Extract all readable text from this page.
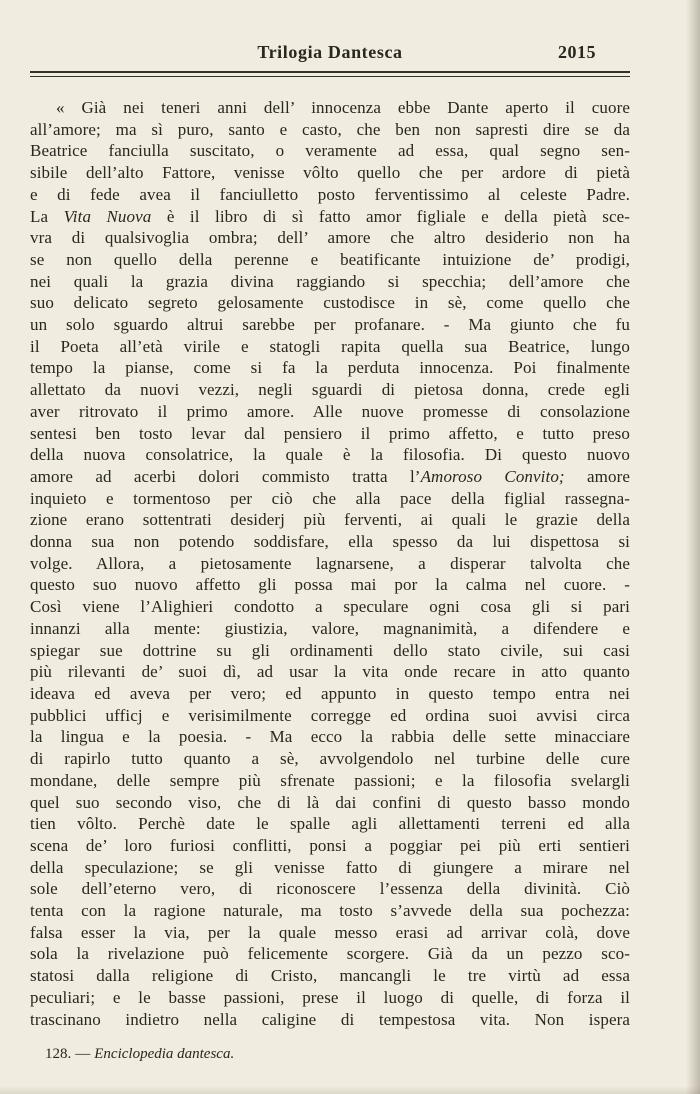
Trilogia Dantesca	2015
« Già nei teneri anni dell’ innocenza ebbe Dante aperto il cuore
all’amore; ma sì puro, santo e casto, che ben non sapresti dire se da
Beatrice fanciulla suscitato, o veramente ad essa, qual segno sen-
sibile dell’alto Fattore, venisse vôlto quello che per ardore di pietà
e di fede avea il fanciulletto posto ferventissimo al celeste Padre.
La Vita Nuova è il libro di sì fatto amor figliale e della pietà sce-
vra di qualsivoglia ombra; dell’ amore che altro desiderio non ha
se non quello della perenne e beatificante intuizione de’ prodigi,
nei quali la grazia divina raggiando si specchia; dell’amore che
suo delicato segreto gelosamente custodisce in sè, come quello che
un solo sguardo altrui sarebbe per profanare. - Ma giunto che fu
il Poeta all’età virile e statogli rapita quella sua Beatrice, lungo
tempo la pianse, come si fa la perduta innocenza. Poi finalmente
allettato da nuovi vezzi, negli sguardi di pietosa donna, crede egli
aver ritrovato il primo amore. Alle nuove promesse di consolazione
sentesi ben tosto levar dal pensiero il primo affetto, e tutto preso
della nuova consolatrice, la quale è la filosofia. Di questo nuovo
amore ad acerbi dolori commisto tratta l’Amoroso Convito; amore
inquieto e tormentoso per ciò che alla pace della figlial rassegna-
zione erano sottentrati desiderj più ferventi, ai quali le grazie della
donna sua non potendo soddisfare, ella spesso da lui dispettosa si
volge. Allora, a pietosamente lagnarsene, a disperar talvolta che
questo suo nuovo affetto gli possa mai por la calma nel cuore. -
Così viene l’Alighieri condotto a speculare ogni cosa gli si pari
innanzi alla mente: giustizia, valore, magnanimità, a difendere e
spiegar sue dottrine su gli ordinamenti dello stato civile, sui casi
più rilevanti de’ suoi dì, ad usar la vita onde recare in atto quanto
ideava ed aveva per vero; ed appunto in questo tempo entra nei
pubblici ufficj e verisimilmente corregge ed ordina suoi avvisi circa
la lingua e la poesia. - Ma ecco la rabbia delle sette minacciare
di rapirlo tutto quanto a sè, avvolgendolo nel turbine delle cure
mondane, delle sempre più sfrenate passioni; e la filosofia svelargli
quel suo secondo viso, che di là dai confini di questo basso mondo
tien vôlto. Perchè date le spalle agli allettamenti terreni ed alla
scena de’ loro furiosi conflitti, ponsi a poggiar pei più erti sentieri
della speculazione; se gli venisse fatto di giungere a mirare nel
sole dell’eterno vero, di riconoscere l’essenza della divinità. Ciò
tenta con la ragione naturale, ma tosto s’avvede della sua pochezza:
falsa esser la via, per la quale messo erasi ad arrivar colà, dove
sola la rivelazione può felicemente scorgere. Già da un pezzo sco-
statosi dalla religione di Cristo, mancangli le tre virtù ad essa
peculiari; e le basse passioni, prese il luogo di quelle, di forza il
trascinano indietro nella caligine di tempestosa vita. Non ispera
128. — Enciclopedia dantesca.
